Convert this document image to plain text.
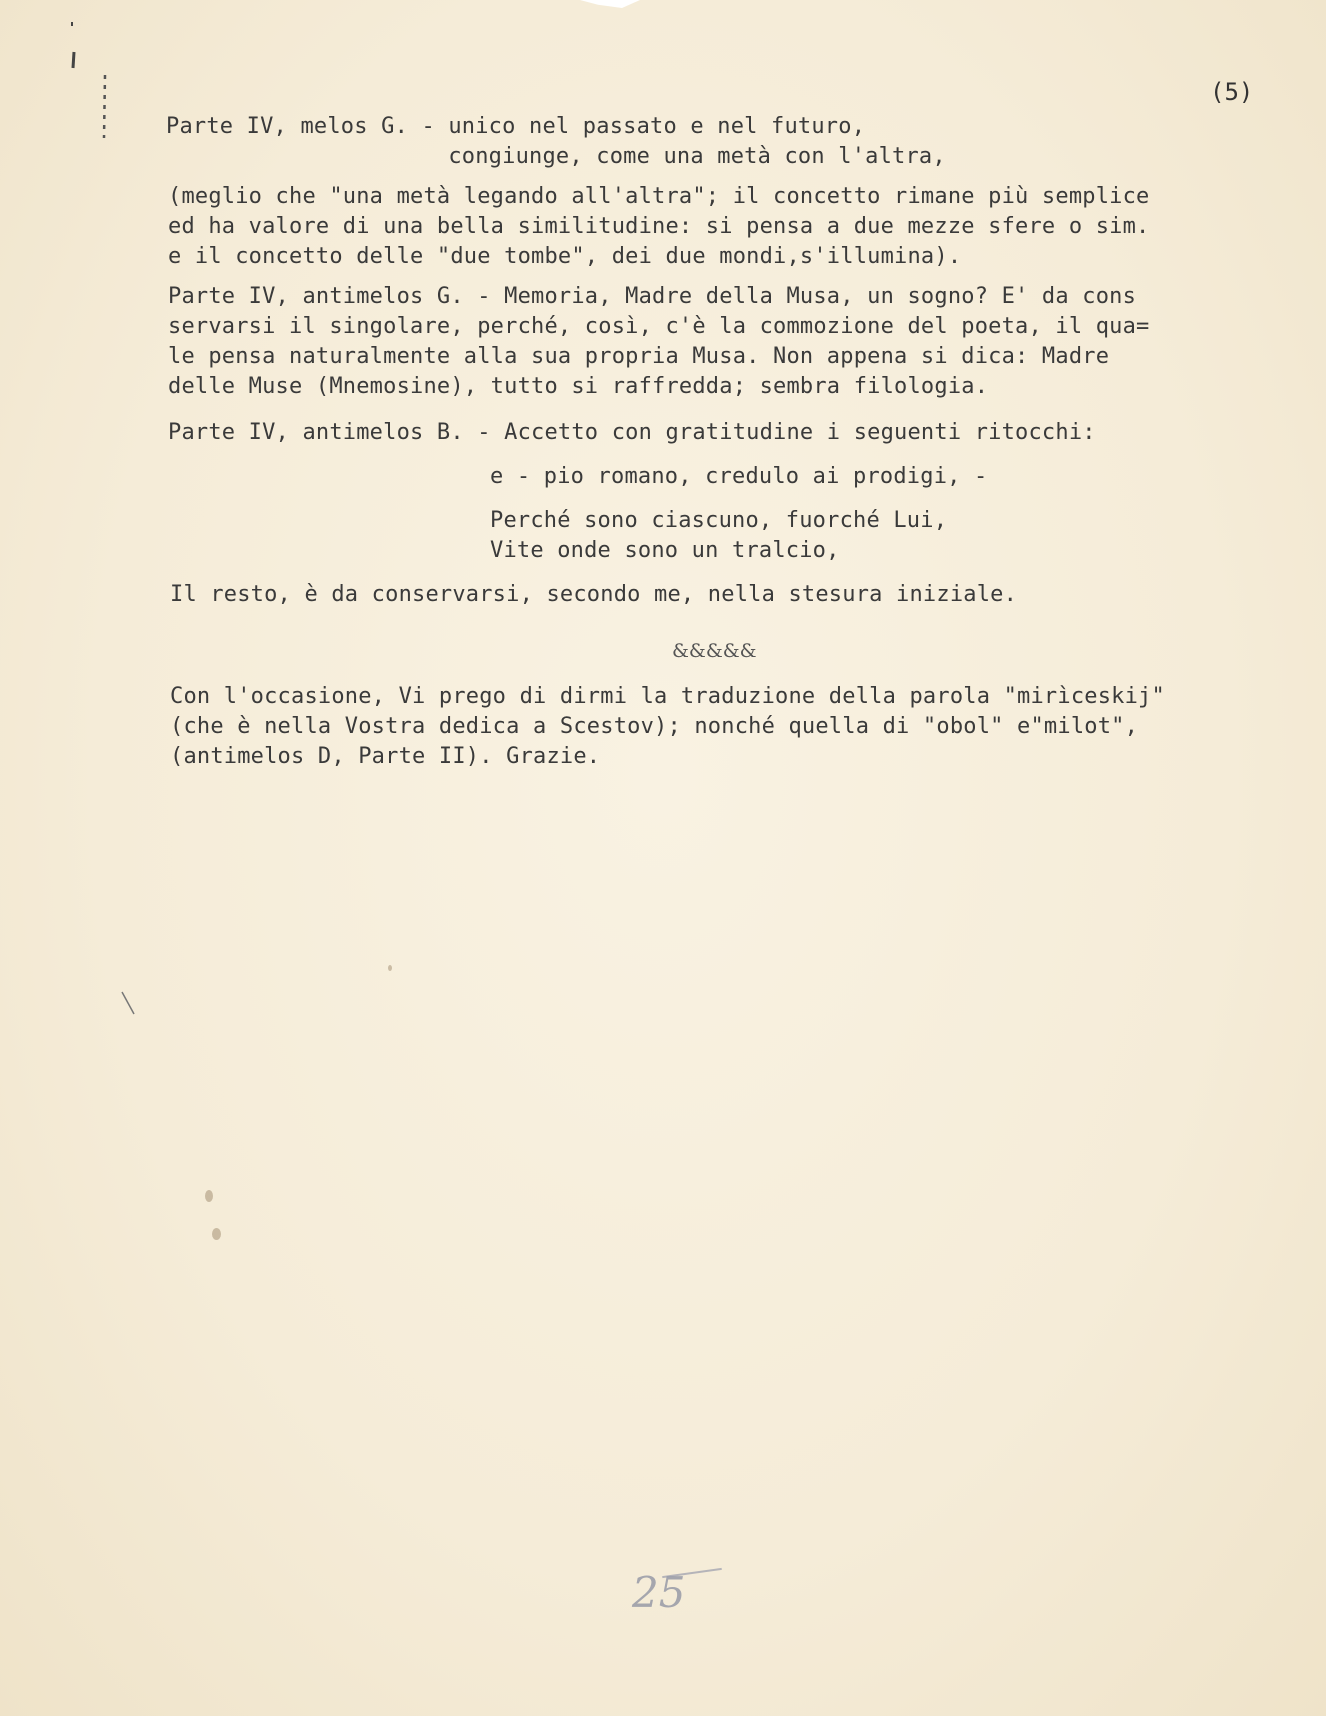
(5)
Parte IV, melos G. - unico nel passato e nel futuro,
congiunge, come una metà con l'altra,
(meglio che "una metà legando all'altra"; il concetto rimane più semplice
ed ha valore di una bella similitudine: si pensa a due mezze sfere o sim.
e il concetto delle "due tombe", dei due mondi,s'illumina).
Parte IV, antimelos G. - Memoria, Madre della Musa, un sogno? E' da cons
servarsi il singolare, perché, così, c'è la commozione del poeta, il qua=
le pensa naturalmente alla sua propria Musa. Non appena si dica: Madre
delle Muse (Mnemosine), tutto si raffredda; sembra filologia.
Parte IV, antimelos B. - Accetto con gratitudine i seguenti ritocchi:
e - pio romano, credulo ai prodigi, -
Perché sono ciascuno, fuorché Lui,
Vite onde sono un tralcio,
Il resto, è da conservarsi, secondo me, nella stesura iniziale.
&&&&&
Con l'occasione, Vi prego di dirmi la traduzione della parola "mirìceskij"
(che è nella Vostra dedica a Scestov); nonché quella di "obol" e"milot",
(antimelos D, Parte II). Grazie.
25
